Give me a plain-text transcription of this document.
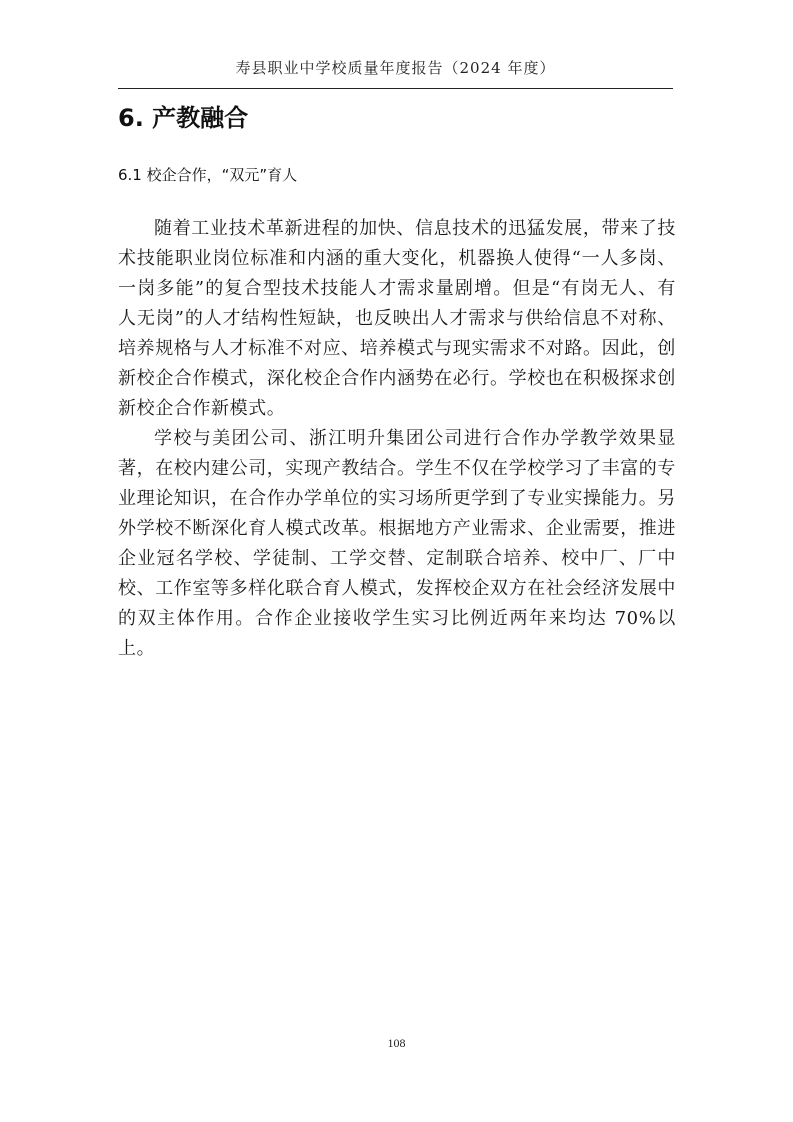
寿县职业中学校质量年度报告（2024 年度）
6. 产教融合
6.1 校企合作，“双元”育人

随着工业技术革新进程的加快、信息技术的迅猛发展，带来了技术技能职业岗位标准和内涵的重大变化，机器换人使得“一人多岗、一岗多能”的复合型技术技能人才需求量剧增。但是“有岗无人、有人无岗”的人才结构性短缺，也反映出人才需求与供给信息不对称、培养规格与人才标准不对应、培养模式与现实需求不对路。因此，创新校企合作模式，深化校企合作内涵势在必行。学校也在积极探求创新校企合作新模式。

学校与美团公司、浙江明升集团公司进行合作办学教学效果显著，在校内建公司，实现产教结合。学生不仅在学校学习了丰富的专业理论知识，在合作办学单位的实习场所更学到了专业实操能力。另外学校不断深化育人模式改革。根据地方产业需求、企业需要，推进企业冠名学校、学徒制、工学交替、定制联合培养、校中厂、厂中校、工作室等多样化联合育人模式，发挥校企双方在社会经济发展中的双主体作用。合作企业接收学生实习比例近两年来均达 70%以上。

108
